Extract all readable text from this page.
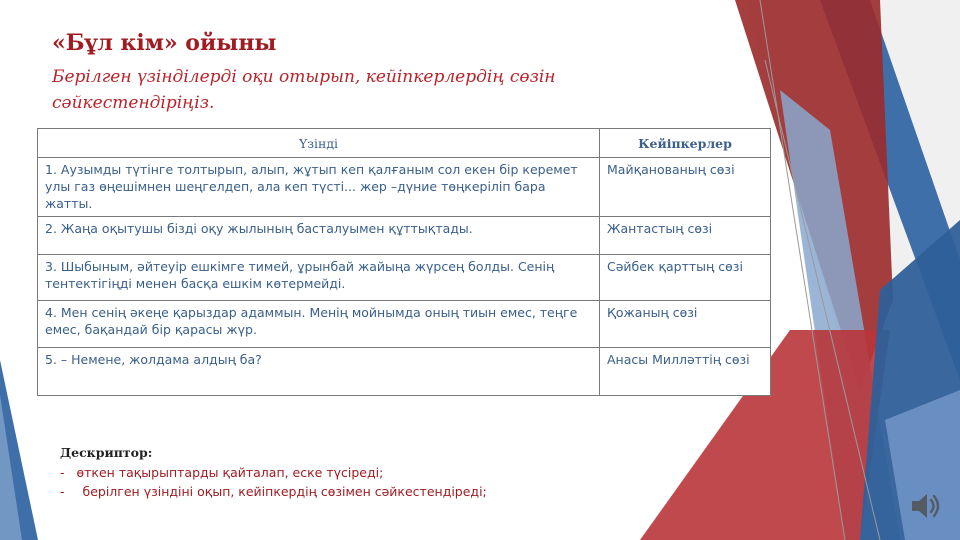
«Бұл кім» ойыны

Берілген үзінділерді оқи отырып, кейіпкерлердің сөзін сәйкестендіріңіз.

Үзінді	Кейіпкерлер
1. Аузымды түтінге толтырып, алып, жұтып кеп қалғаным сол екен бір керемет улы газ өңешімнен шеңгелдеп, ала кеп түсті... жер –дүние төңкеріліп бара жатты.	Майқанованың сөзі
2. Жаңа оқытушы бізді оқу жылының басталуымен құттықтады.	Жантастың сөзі
3. Шыбыным, әйтеуір ешкімге тимей, ұрынбай жайыңа жүрсең болды. Сенің тентектігіңді менен басқа ешкім көтермейді.	Сәйбек қарттың сөзі
4. Мен сенің әкеңе қарыздар адаммын. Менің мойнымда оның тиын емес, теңге емес, бақандай бір қарасы жүр.	Қожаның сөзі
5. – Немене, жолдама алдың ба?	Анасы Милләттің сөзі
Дескриптор:
- өткен тақырыптарды қайталап, еске түсіреді;
- берілген үзіндіні оқып, кейіпкердің сөзімен сәйкестендіреді;
